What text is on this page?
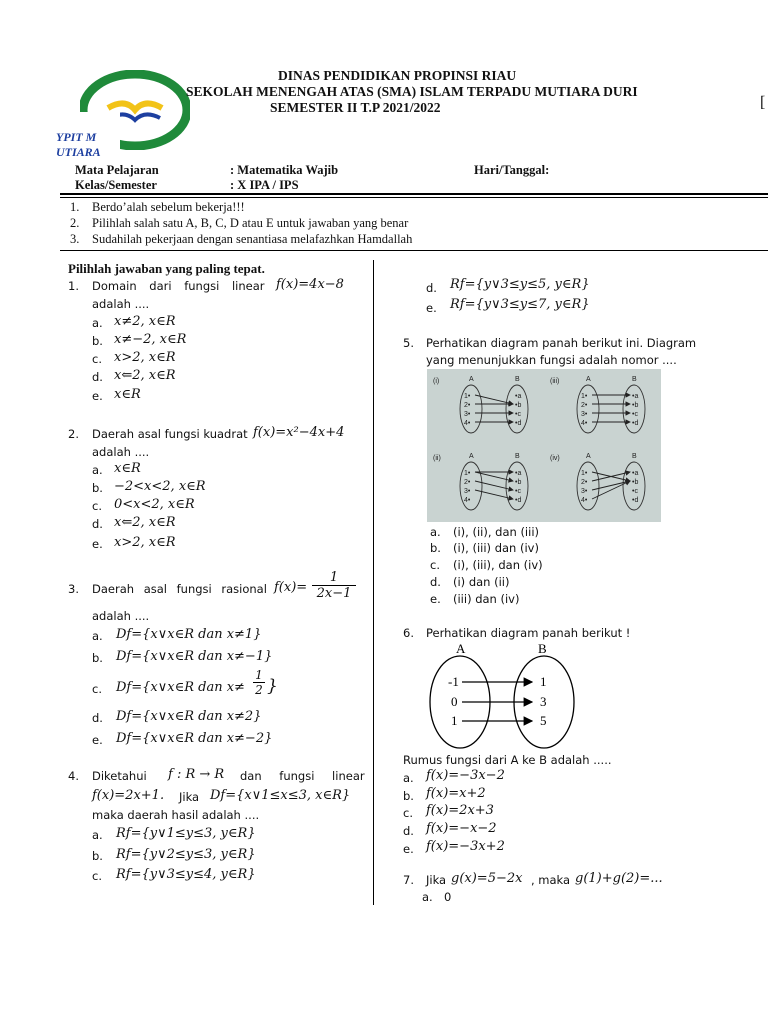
YPIT M
UTIARA
DINAS PENDIDIKAN PROPINSI RIAU
SEKOLAH MENENGAH ATAS (SMA) ISLAM TERPADU MUTIARA DURI
SEMESTER II T.P 2021/2022	[
Mata Pelajaran	: Matematika Wajib	Hari/Tanggal:
Kelas/Semester	: X IPA / IPS
1. Berdo’alah sebelum bekerja!!!
2. Pilihlah salah satu A, B, C, D atau E untuk jawaban yang benar
3. Sudahilah pekerjaan dengan senantiasa melafazhkan Hamdallah
Pilihlah jawaban yang paling tepat.
1. Domain dari fungsi linear f(x)=4x−8
adalah ....
a. x≠2, x∈R
b. x≠−2, x∈R
c. x>2, x∈R
d. x⇐2, x∈R
e. x∈R
2. Daerah asal fungsi kuadrat f(x)=x²−4x+4
adalah ....
a. x∈R
b. −2<x<2, x∈R
c. 0<x<2, x∈R
d. x⇐2, x∈R
e. x>2, x∈R
3. Daerah asal fungsi rasional $f(x)= \frac{1}{2x-1}$
adalah ....
a. Df={x∨x∈R dan x≠1}
b. Df={x∨x∈R dan x≠−1}
c. Df={x∨x∈R dan $x\ne \frac{1}{2}$ }
d. Df={x∨x∈R dan x≠2}
e. Df={x∨x∈R dan x≠−2}
4. Diketahui f : R → R dan fungsi linear
f(x)=2x+1. Jika Df={x∨1≤x≤3, x∈R}
maka daerah hasil adalah ....
a. Rf={y∨1≤y≤3, y∈R}
b. Rf={y∨2≤y≤3, y∈R}
c. Rf={y∨3≤y≤4, y∈R}
d. Rf={y∨3≤y≤5, y∈R}
e. Rf={y∨3≤y≤7, y∈R}
5. Perhatikan diagram panah berikut ini. Diagram
yang menunjukkan fungsi adalah nomor ....
(i)	A	B
1•
2•
3•
4•
•a
•b
•c
•d
(iii)	A	B
1•
2•
3•
4•
•a
•b
•c
•d
(ii)	A	B
1•
2•
3•
4•
•a
•b
•c
•d
(iv)	A	B
1•
2•
3•
4•
•a
•b
•c
•d
a. (i), (ii), dan (iii)
b. (i), (iii) dan (iv)
c. (i), (iii), dan (iv)
d. (i) dan (ii)
e. (iii) dan (iv)
6. Perhatikan diagram panah berikut !
A	B
-1
0
1
1
3
5
Rumus fungsi dari A ke B adalah .....
a. f(x)=−3x−2
b. f(x)=x+2
c. f(x)=2x+3
d. f(x)=−x−2
e. f(x)=−3x+2
7. Jika g(x)=5−2x , maka g(1)+g(2)=...
a. 0
